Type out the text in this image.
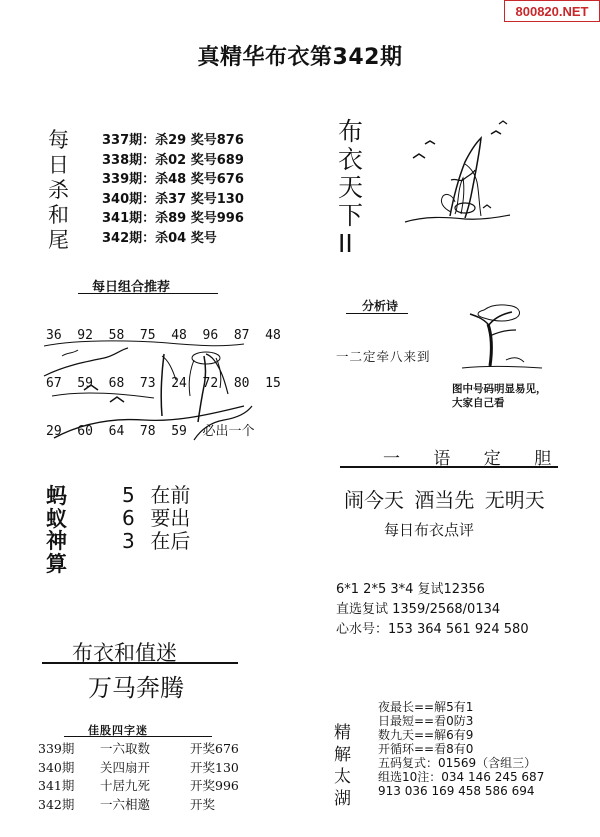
800820.NET
真精华布衣第342期
每
日
杀
和
尾
337期：杀29 奖号876
338期：杀02 奖号689
339期：杀48 奖号676
340期：杀37 奖号130
341期：杀89 奖号996
342期：杀04 奖号
布
衣
天
下
II
每日组合推荐

36  92  58  75  48  96  87  48

67  59  68  73  24  72  80  15

29  60  64  78  59  必出一个

蚂
蚁
神
算
5 在前
6 要出
3 在后
布衣和值迷
万马奔腾
佳股四字迷
339期 一六取数	开奖676
340期 关四扇开	开奖130
341期 十居九死	开奖996
342期 一六相邀	开奖
分析诗

一二定牵八来到

图中号码明显易见，
大家自己看
一 语 定 胆
闹今天 酒当先 无明天
每日布衣点评
6*1 2*5 3*4 复试12356
直选复试 1359/2568/0134
心水号：153 364 561 924 580
精
解
太
湖
夜最长==解5有1
日最短==看0防3
数九天==解6有9
开循环==看8有0
五码复式：01569（含组三）
组选10注：034 146 245 687
913 036 169 458 586 694
